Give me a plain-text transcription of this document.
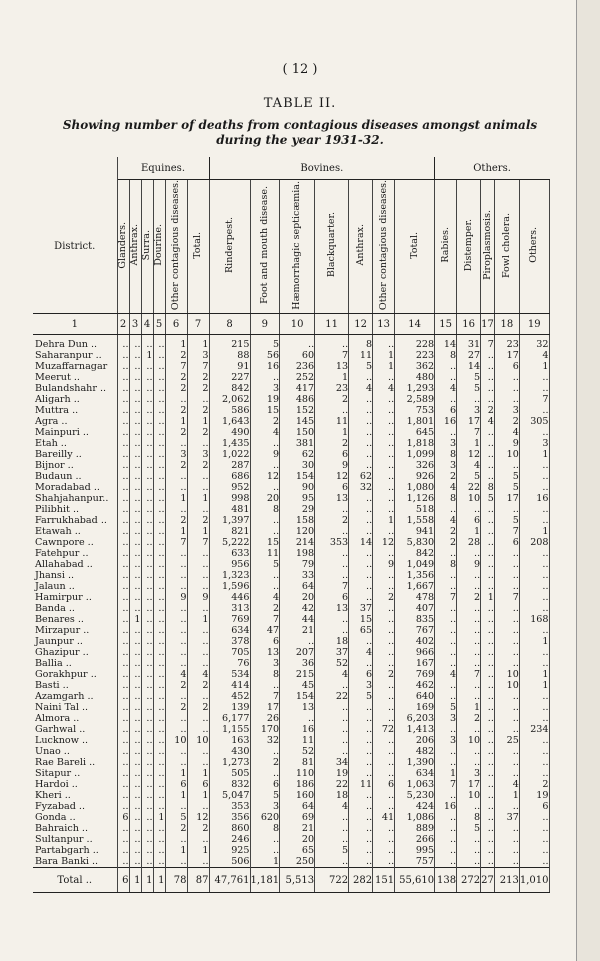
( 12 )
TABLE II.
Showing number of deaths from contagious diseases amongst animals
during the year 1931-32.
	Equines.						Bovines.							Others.				
District.	Glanders.	Anthrax.	Surra.	Dourine.	Other contagious diseases.	Total.	Rinderpest.	Foot and mouth disease.	Hæmorrhagic septicæmia.	Blackquarter.	Anthrax.	Other contagious diseases.	Total.	Rabies.	Distemper.	Piroplasmosis.	Fowl cholera.	Others.
1	2	3	4	5	6	7	8	9	10	11	12	13	14	15	16	17	18	19
Dehra Dun ..	..	..	..	..	1	1	215	5	..	..	8	..	228	14	31	7	23	32
Saharanpur ..	..	..	1	..	2	3	88	56	60	7	11	1	223	8	27	..	17	4
Muzaffarnagar	..	..	..	..	7	7	91	16	236	13	5	1	362	..	14	..	6	1
Meerut ..	..	..	..	..	2	2	227	..	252	1	..	..	480	..	5	..	..	..
Bulandshahr ..	..	..	..	..	2	2	842	3	417	23	4	4	1,293	4	5	..	..	..
Aligarh ..	..	..	..	..	..	..	2,062	19	486	2	..	..	2,589	..	..	..	..	7
Muttra ..	..	..	..	..	2	2	586	15	152	..	..	..	753	6	3	2	3	..
Agra ..	..	..	..	..	1	1	1,643	2	145	11	..	..	1,801	16	17	4	2	305
Mainpuri ..	..	..	..	..	2	2	490	4	150	1	..	..	645	..	7	..	4	..
Etah ..	..	..	..	..	..	..	1,435	..	381	2	..	..	1,818	3	1	..	9	3
Bareilly ..	..	..	..	..	3	3	1,022	9	62	6	..	..	1,099	8	12	..	10	1
Bijnor ..	..	..	..	..	2	2	287	..	30	9	..	..	326	3	4	..	..	..
Budaun ..	..	..	..	..	..	..	686	12	154	12	62	..	926	2	5	..	5	..
Moradabad ..	..	..	..	..	..	..	952	..	90	6	32	..	1,080	4	22	8	5	..
Shahjahanpur..	..	..	..	..	1	1	998	20	95	13	..	..	1,126	8	10	5	17	16
Pilibhit ..	..	..	..	..	..	..	481	8	29	..	..	..	518	..	..	..	..	..
Farrukhabad ..	..	..	..	..	2	2	1,397	..	158	2	..	1	1,558	4	6	..	5	..
Etawah ..	..	..	..	..	1	1	821	..	120	..	..	..	941	2	1	..	7	1
Cawnpore ..	..	..	..	..	7	7	5,222	15	214	353	14	12	5,830	2	28	..	6	208
Fatehpur ..	..	..	..	..	..	..	633	11	198	..	..	..	842	..	..	..	..	..
Allahabad ..	..	..	..	..	..	..	956	5	79	..	..	9	1,049	8	9	..	..	..
Jhansi ..	..	..	..	..	..	..	1,323	..	33	..	..	..	1,356	..	..	..	..	..
Jalaun ..	..	..	..	..	..	..	1,596	..	64	7	..	..	1,667	..	..	..	..	..
Hamirpur ..	..	..	..	..	9	9	446	4	20	6	..	2	478	7	2	1	7	..
Banda ..	..	..	..	..	..	..	313	2	42	13	37	..	407	..	..	..	..	..
Benares ..	..	1	..	..	..	1	769	7	44	..	15	..	835	..	..	..	..	168
Mirzapur ..	..	..	..	..	..	..	634	47	21	..	65	..	767	..	..	..	..	..
Jaunpur ..	..	..	..	..	..	..	378	6	..	18	..	..	402	..	..	..	..	1
Ghazipur ..	..	..	..	..	..	..	705	13	207	37	4	..	966	..	..	..	..	..
Ballia ..	..	..	..	..	..	..	76	3	36	52	..	..	167	..	..	..	..	..
Gorakhpur ..	..	..	..	..	4	4	534	8	215	4	6	2	769	4	7	..	10	1
Basti ..	..	..	..	..	2	2	414	..	45	..	3	..	462	..	..	..	10	1
Azamgarh ..	..	..	..	..	..	..	452	7	154	22	5	..	640	..	..	..	..	..
Naini Tal ..	..	..	..	..	2	2	139	17	13	..	..	..	169	5	1	..	..	..
Almora ..	..	..	..	..	..	..	6,177	26	..	..	..	..	6,203	3	2	..	..	..
Garhwal ..	..	..	..	..	..	..	1,155	170	16	..	..	72	1,413	..	..	..	..	234
Lucknow ..	..	..	..	..	10	10	163	32	11	..	..	..	206	3	10	..	25	..
Unao ..	..	..	..	..	..	..	430	..	52	..	..	..	482	..	..	..	..	..
Rae Bareli ..	..	..	..	..	..	..	1,273	2	81	34	..	..	1,390	..	..	..	..	..
Sitapur ..	..	..	..	..	1	1	505	..	110	19	..	..	634	1	3	..	..	..
Hardoi ..	..	..	..	..	6	6	832	6	186	22	11	6	1,063	7	17	..	4	2
Kheri ..	..	..	..	..	1	1	5,047	5	160	18	..	..	5,230	..	10	..	1	19
Fyzabad ..	..	..	..	..	..	..	353	3	64	4	..	..	424	16	..	..	..	6
Gonda ..	6	..	..	1	5	12	356	620	69	..	..	41	1,086	..	8	..	37	..
Bahraich ..	..	..	..	..	2	2	860	8	21	..	..	..	889	..	5	..	..	..
Sultanpur ..	..	..	..	..	..	..	246	..	20	..	..	..	266	..	..	..	..	..
Partabgarh ..	..	..	..	..	1	1	925	..	65	5	..	..	995	..	..	..	..	..
Bara Banki ..	..	..	..	..	..	..	506	1	250	..	..	..	757	..	..	..	..	..
Total ..	6	1	1	1	78	87	47,761	1,181	5,513	722	282	151	55,610	138	272	27	213	1,010
